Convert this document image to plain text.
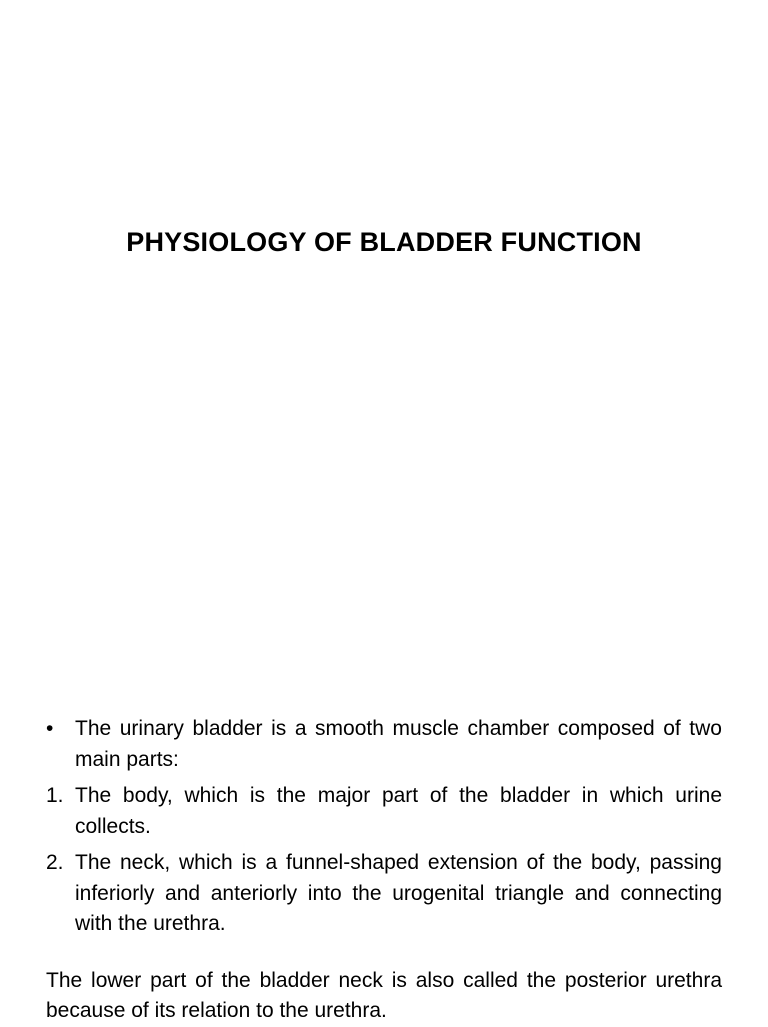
PHYSIOLOGY OF BLADDER FUNCTION
• The urinary bladder is a smooth muscle chamber composed of two main parts:
1. The body, which is the major part of the bladder in which urine collects.
2. The neck, which is a funnel-shaped extension of the body, passing inferiorly and anteriorly into the urogenital triangle and connecting with the urethra.
The lower part of the bladder neck is also called the posterior urethra because of its relation to the urethra.
